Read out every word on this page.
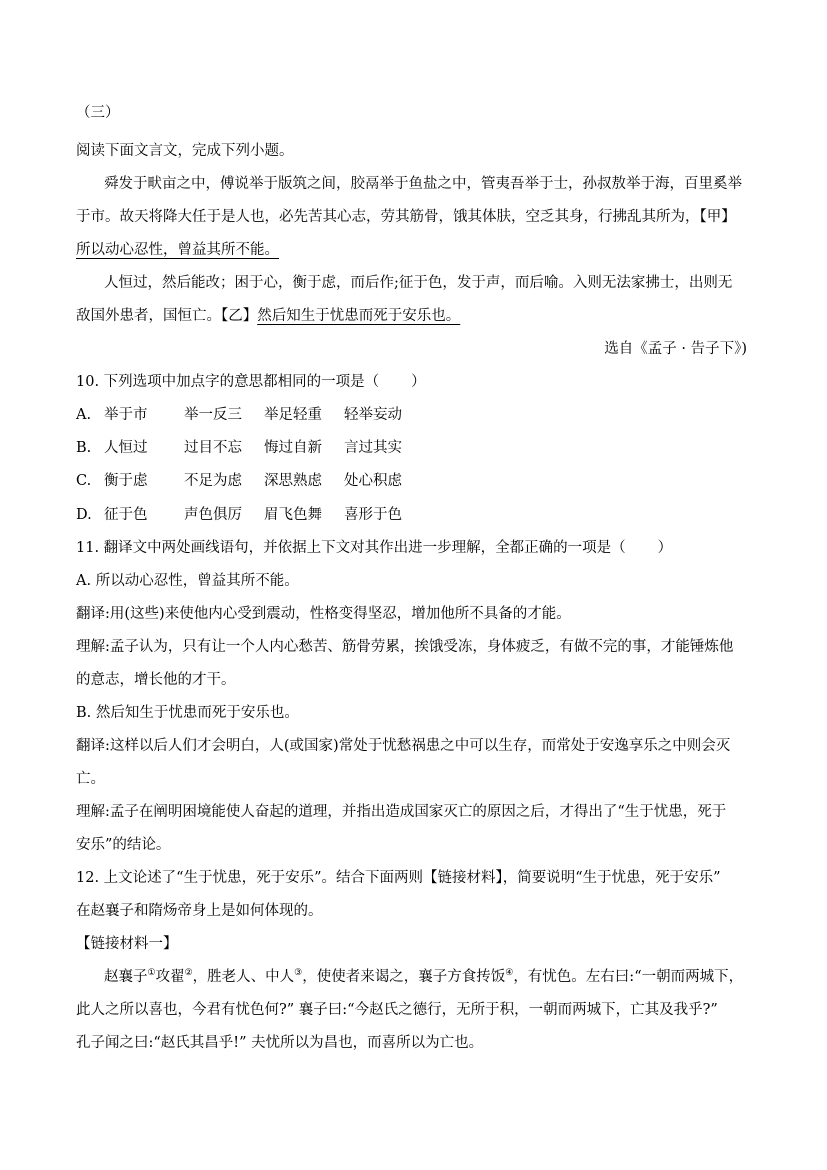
（三）
阅读下面文言文，完成下列小题。
舜发于畎亩之中，傅说举于版筑之间，胶鬲举于鱼盐之中，管夷吾举于士，孙叔敖举于海，百里奚举
于市。故天将降大任于是人也，必先苦其心志，劳其筋骨，饿其体肤，空乏其身，行拂乱其所为，【甲】
所以动心忍性，曾益其所不能。
人恒过，然后能改；困于心，衡于虑，而后作;征于色，发于声，而后喻。入则无法家拂士，出则无
敌国外患者，国恒亡。【乙】然后知生于忧患而死于安乐也。
选自《孟子 · 告子下》)
10. 下列选项中加点字的意思都相同的一项是（ ）
A. 举于市	举一反三 举足轻重 轻举妄动
B. 人恒过	过目不忘 悔过自新 言过其实
C. 衡于虑	不足为虑 深思熟虑 处心积虑
D. 征于色	声色俱厉 眉飞色舞 喜形于色
11. 翻译文中两处画线语句，并依据上下文对其作出进一步理解，全都正确的一项是（ ）
A. 所以动心忍性，曾益其所不能。
翻译:用(这些)来使他内心受到震动，性格变得坚忍，增加他所不具备的才能。
理解:孟子认为，只有让一个人内心愁苦、筋骨劳累，挨饿受冻，身体疲乏，有做不完的事，才能锤炼他
的意志，增长他的才干。
B. 然后知生于忧患而死于安乐也。
翻译:这样以后人们才会明白，人(或国家)常处于忧愁祸患之中可以生存，而常处于安逸享乐之中则会灭
亡。
理解:孟子在阐明困境能使人奋起的道理，并指出造成国家灭亡的原因之后，才得出了“生于忧患，死于
安乐”的结论。
12. 上文论述了“生于忧患，死于安乐”。结合下面两则【链接材料】，简要说明“生于忧患，死于安乐”
在赵襄子和隋炀帝身上是如何体现的。
【链接材料一】
赵襄子①攻翟②，胜老人、中人③，使使者来谒之，襄子方食抟饭④，有忧色。左右曰:“一朝而两城下，
此人之所以喜也，今君有忧色何?” 襄子曰:“今赵氏之德行，无所于积，一朝而两城下，亡其及我乎?”
孔子闻之曰:“赵氏其昌乎!” 夫忧所以为昌也，而喜所以为亡也。
